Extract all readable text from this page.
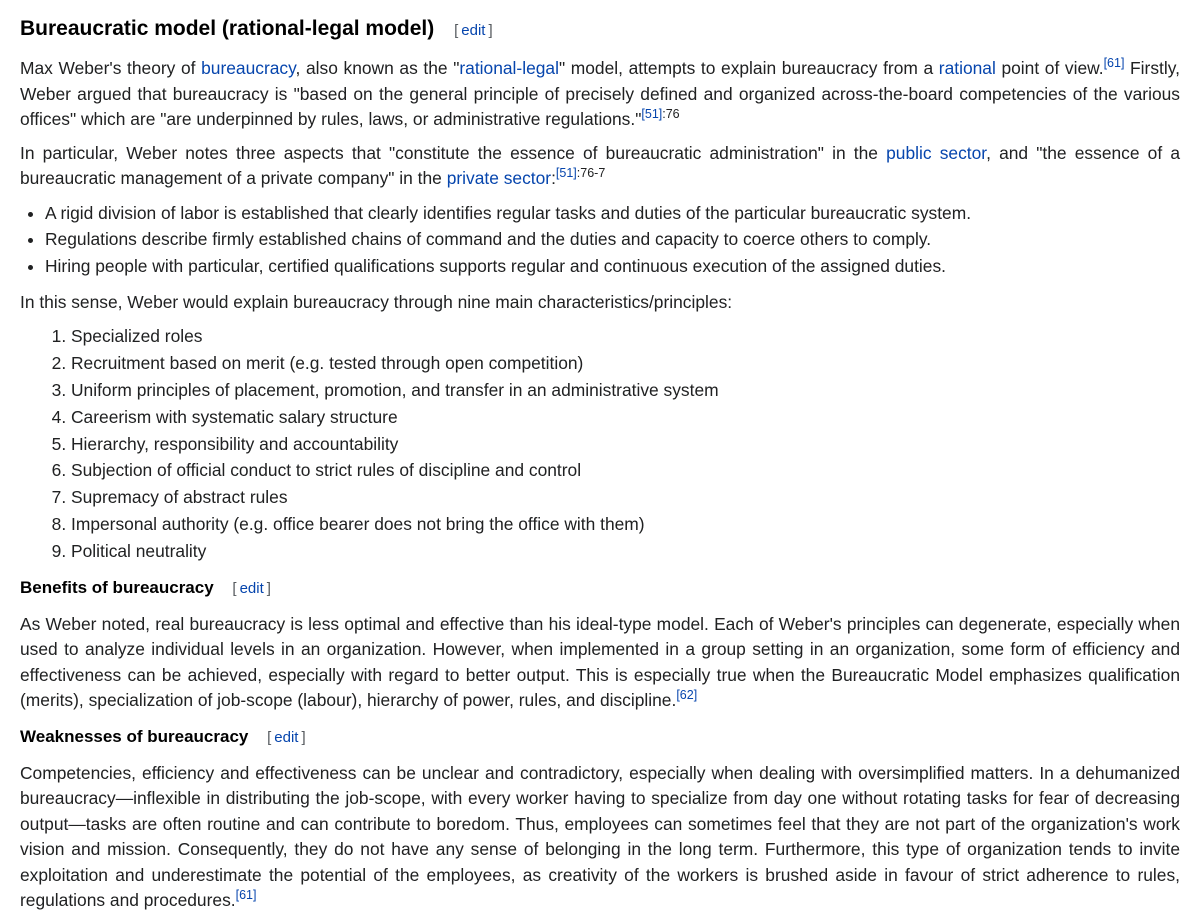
Bureaucratic model (rational-legal model) [ edit ]

Max Weber's theory of bureaucracy, also known as the "rational-legal" model, attempts to explain bureaucracy from a rational point of view.[61] Firstly, Weber argued that bureaucracy is "based on the general principle of precisely defined and organized across-the-board competencies of the various offices" which are "are underpinned by rules, laws, or administrative regulations."$^{[51]:76}$

In particular, Weber notes three aspects that "constitute the essence of bureaucratic administration" in the public sector, and "the essence of a bureaucratic management of a private company" in the private sector:$^{[51]:76-7}$

• A rigid division of labor is established that clearly identifies regular tasks and duties of the particular bureaucratic system.
• Regulations describe firmly established chains of command and the duties and capacity to coerce others to comply.
• Hiring people with particular, certified qualifications supports regular and continuous execution of the assigned duties.

In this sense, Weber would explain bureaucracy through nine main characteristics/principles:

1. Specialized roles
2. Recruitment based on merit (e.g. tested through open competition)
3. Uniform principles of placement, promotion, and transfer in an administrative system
4. Careerism with systematic salary structure
5. Hierarchy, responsibility and accountability
6. Subjection of official conduct to strict rules of discipline and control
7. Supremacy of abstract rules
8. Impersonal authority (e.g. office bearer does not bring the office with them)
9. Political neutrality
Benefits of bureaucracy [ edit ]

As Weber noted, real bureaucracy is less optimal and effective than his ideal-type model. Each of Weber's principles can degenerate, especially when used to analyze individual levels in an organization. However, when implemented in a group setting in an organization, some form of efficiency and effectiveness can be achieved, especially with regard to better output. This is especially true when the Bureaucratic Model emphasizes qualification (merits), specialization of job-scope (labour), hierarchy of power, rules, and discipline.[62]

Weaknesses of bureaucracy [ edit ]

Competencies, efficiency and effectiveness can be unclear and contradictory, especially when dealing with oversimplified matters. In a dehumanized bureaucracy—inflexible in distributing the job-scope, with every worker having to specialize from day one without rotating tasks for fear of decreasing output—tasks are often routine and can contribute to boredom. Thus, employees can sometimes feel that they are not part of the organization's work vision and mission. Consequently, they do not have any sense of belonging in the long term. Furthermore, this type of organization tends to invite exploitation and underestimate the potential of the employees, as creativity of the workers is brushed aside in favour of strict adherence to rules, regulations and procedures.[61]
